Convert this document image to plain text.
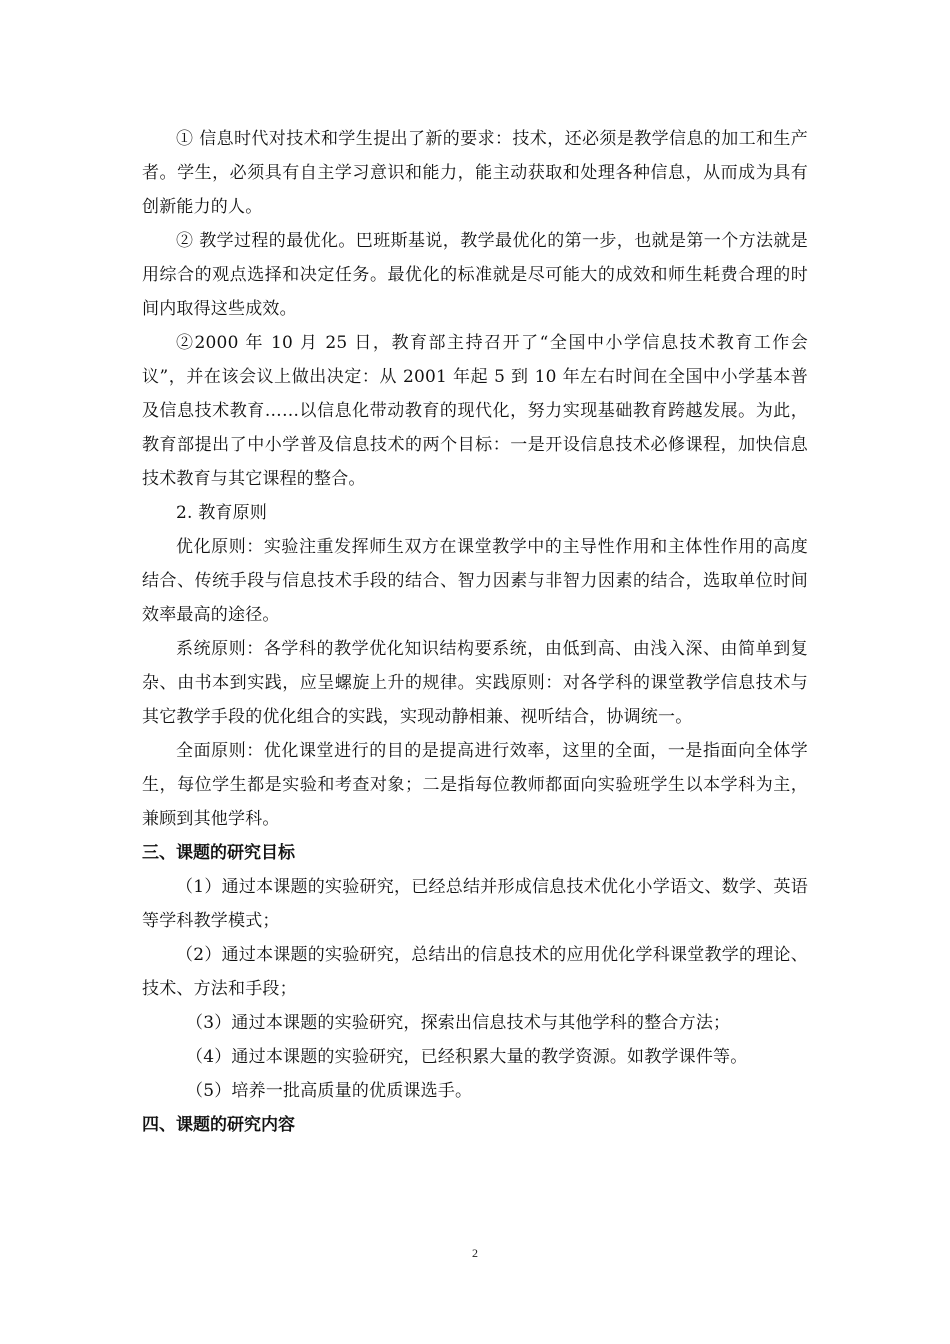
① 信息时代对技术和学生提出了新的要求：技术，还必须是教学信息的加工和生产者。学生，必须具有自主学习意识和能力，能主动获取和处理各种信息，从而成为具有创新能力的人。

② 教学过程的最优化。巴班斯基说，教学最优化的第一步，也就是第一个方法就是用综合的观点选择和决定任务。最优化的标准就是尽可能大的成效和师生耗费合理的时间内取得这些成效。

②2000 年 10 月 25 日，教育部主持召开了“全国中小学信息技术教育工作会议”，并在该会议上做出决定：从 2001 年起 5 到 10 年左右时间在全国中小学基本普及信息技术教育……以信息化带动教育的现代化，努力实现基础教育跨越发展。为此，教育部提出了中小学普及信息技术的两个目标：一是开设信息技术必修课程，加快信息技术教育与其它课程的整合。

2. 教育原则

优化原则：实验注重发挥师生双方在课堂教学中的主导性作用和主体性作用的高度结合、传统手段与信息技术手段的结合、智力因素与非智力因素的结合，选取单位时间效率最高的途径。

系统原则：各学科的教学优化知识结构要系统，由低到高、由浅入深、由简单到复杂、由书本到实践，应呈螺旋上升的规律。实践原则：对各学科的课堂教学信息技术与其它教学手段的优化组合的实践，实现动静相兼、视听结合，协调统一。

全面原则：优化课堂进行的目的是提高进行效率，这里的全面，一是指面向全体学生，每位学生都是实验和考查对象；二是指每位教师都面向实验班学生以本学科为主，兼顾到其他学科。

三、课题的研究目标

（1）通过本课题的实验研究，已经总结并形成信息技术优化小学语文、数学、英语等学科教学模式；

（2）通过本课题的实验研究，总结出的信息技术的应用优化学科课堂教学的理论、技术、方法和手段；

（3）通过本课题的实验研究，探索出信息技术与其他学科的整合方法；

（4）通过本课题的实验研究，已经积累大量的教学资源。如教学课件等。

（5）培养一批高质量的优质课选手。

四、课题的研究内容

2
